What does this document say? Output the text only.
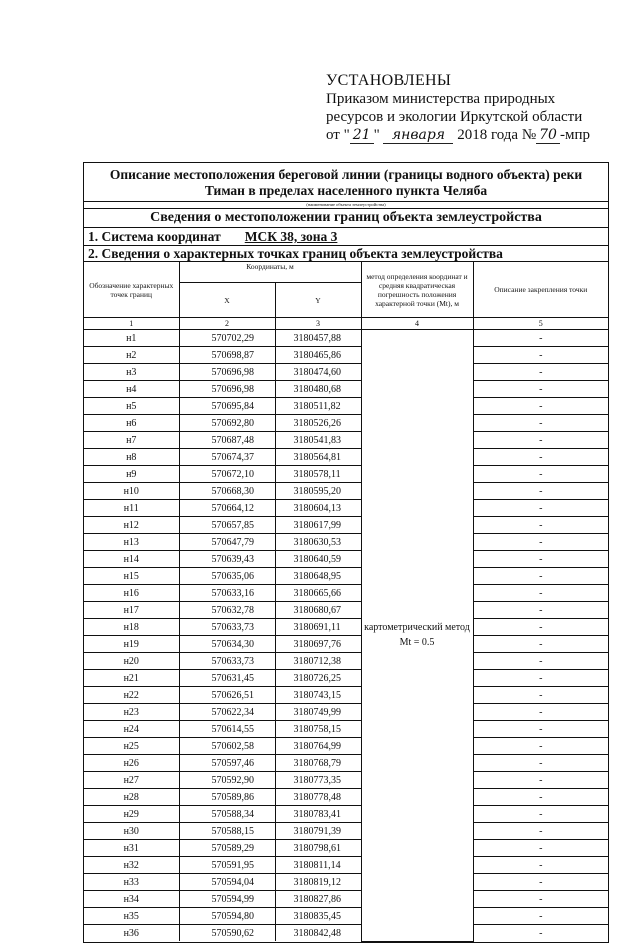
УСТАНОВЛЕНЫ
Приказом министерства природных
ресурсов и экологии Иркутской области
от " 21 " января 2018 года № 70 -мпр
Описание местоположения береговой линии (границы водного объекта) реки Тиман в пределах населенного пункта Челяба
(наименование объекта землеустройства)
Сведения о местоположении границ объекта землеустройства
1. Система координат МСК 38, зона 3
2. Сведения о характерных точках границ объекта землеустройства
Обозначение характерных точек границ	Координаты, м		метод определения координат и средняя квадратическая погрешность положения характерной точки (Mt), м	Описание закрепления точки
	X	Y		
1	2	3	4	5
н1	570702,29	3180457,88	картометрический метод Mt = 0.5	-
н2	570698,87	3180465,86		-
н3	570696,98	3180474,60		-
н4	570696,98	3180480,68		-
н5	570695,84	3180511,82		-
н6	570692,80	3180526,26		-
н7	570687,48	3180541,83		-
н8	570674,37	3180564,81		-
н9	570672,10	3180578,11		-
н10	570668,30	3180595,20		-
н11	570664,12	3180604,13		-
н12	570657,85	3180617,99		-
н13	570647,79	3180630,53		-
н14	570639,43	3180640,59		-
н15	570635,06	3180648,95		-
н16	570633,16	3180665,66		-
н17	570632,78	3180680,67		-
н18	570633,73	3180691,11		-
н19	570634,30	3180697,76		-
н20	570633,73	3180712,38		-
н21	570631,45	3180726,25		-
н22	570626,51	3180743,15		-
н23	570622,34	3180749,99		-
н24	570614,55	3180758,15		-
н25	570602,58	3180764,99		-
н26	570597,46	3180768,79		-
н27	570592,90	3180773,35		-
н28	570589,86	3180778,48		-
н29	570588,34	3180783,41		-
н30	570588,15	3180791,39		-
н31	570589,29	3180798,61		-
н32	570591,95	3180811,14		-
н33	570594,04	3180819,12		-
н34	570594,99	3180827,86		-
н35	570594,80	3180835,45		-
н36	570590,62	3180842,48		-
